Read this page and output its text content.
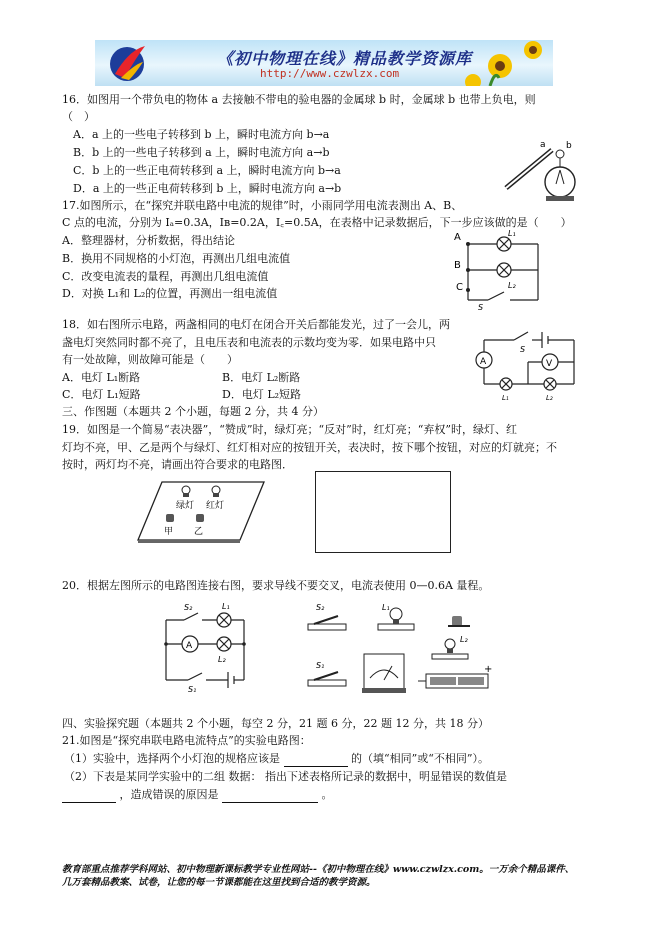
《初中物理在线》精品教学资源库
http://www.czwlzx.com
16．如图用一个带负电的物体 a 去接触不带电的验电器的金属球 b 时，金属球 b 也带上负电，则
（　）
A．a 上的一些电子转移到 b 上，瞬时电流方向 b→a
B．b 上的一些电子转移到 a 上，瞬时电流方向 a→b
C．b 上的一些正电荷转移到 a 上，瞬时电流方向 b→a
D．a 上的一些正电荷转移到 b 上，瞬时电流方向 a→b
a b
17.如图所示，在“探究并联电路中电流的规律”时，小雨同学用电流表测出 A、B、
C 点的电流，分别为 Iₐ=0.3A，Iʙ=0.2A，I꜀=0.5A，在表格中记录数据后，下一步应该做的是（　　）
A．整理器材，分析数据，得出结论
B．换用不同规格的小灯泡，再测出几组电流值
C．改变电流表的量程，再测出几组电流值
D．对换 L₁和 L₂的位置，再测出一组电流值
A
B
C
L₁
L₂
S
18．如右图所示电路，两盏相同的电灯在闭合开关后都能发光，过了一会儿，两
盏电灯突然同时都不亮了，且电压表和电流表的示数均变为零．如果电路中只
有一处故障，则故障可能是（　　）
A．电灯 L₁断路	B．电灯 L₂断路
C．电灯 L₁短路	D．电灯 L₂短路
S
A	V
L₁	L₂
三、作图题（本题共 2 个小题，每题 2 分，共 4 分）
19．如图是一个简易“表决器”，“赞成”时，绿灯亮；“反对”时，红灯亮；“弃权”时，绿灯、红
灯均不亮，甲、乙是两个与绿灯、红灯相对应的按钮开关，表决时，按下哪个按钮，对应的灯就亮；不
按时，两灯均不亮，请画出符合要求的电路图．
绿灯 红灯
甲 乙
20．根据左图所示的电路图连接右图，要求导线不要交叉，电流表使用 0—0.6A 量程。
S₂	L₁
A
L₂
S₁
S₂	L₁
S₁
L₂
+
四、实验探究题（本题共 2 个小题，每空 2 分，21 题 6 分，22 题 12 分，共 18 分）
21.如图是“探究串联电路电流特点”的实验电路图：
（1）实验中，选择两个小灯泡的规格应该是	的（填“相同”或“不相同”）。
（2）下表是某同学实验中的二组 数据： 指出下述表格所记录的数据中，明显错误的数值是
，造成错误的原因是	。
教育部重点推荐学科网站、初中物理新课标教学专业性网站--《初中物理在线》www.czwlzx.com。一万余个精品课件、
几万套精品教案、试卷，让您的每一节课都能在这里找到合适的教学资源。
